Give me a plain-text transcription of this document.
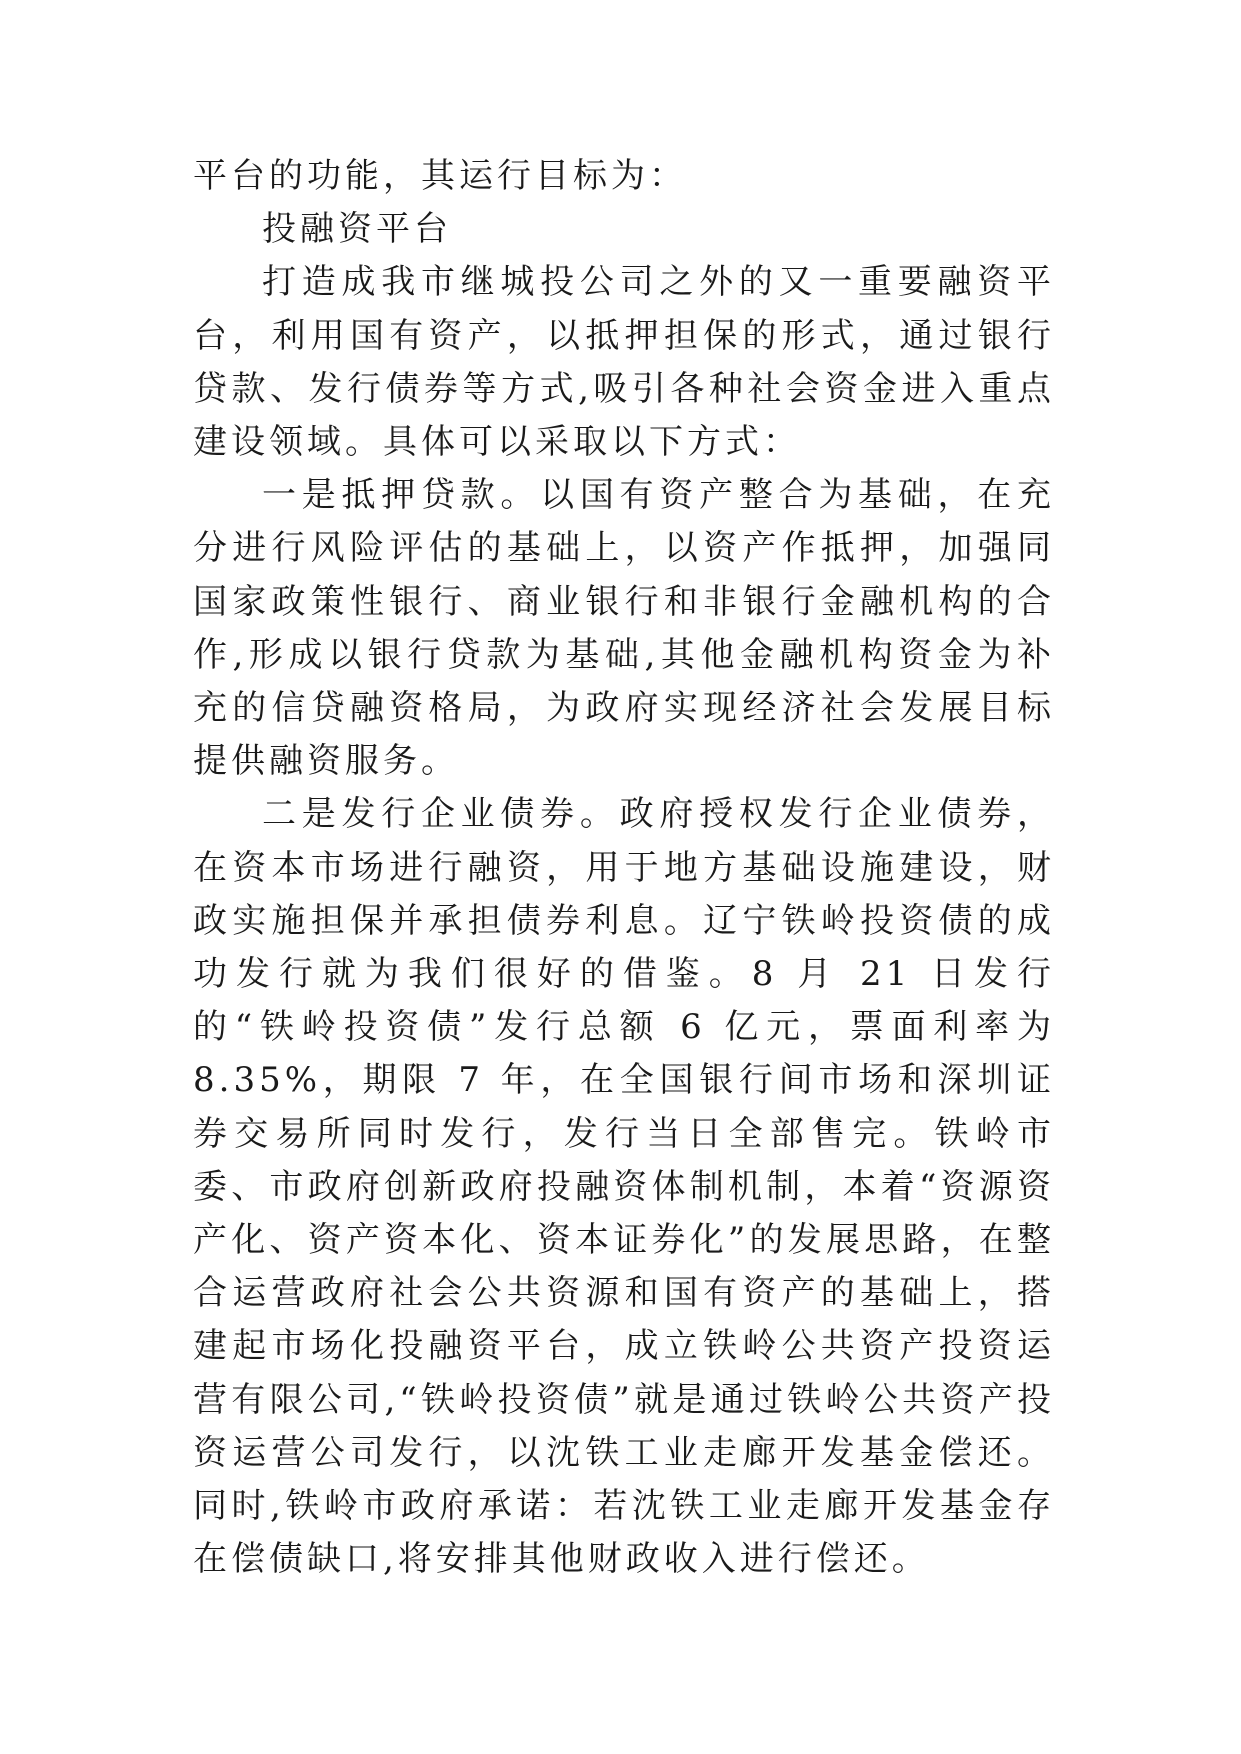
平台的功能，其运行目标为：

投融资平台

打造成我市继城投公司之外的又一重要融资平台，利用国有资产，以抵押担保的形式，通过银行贷款、发行债券等方式,吸引各种社会资金进入重点建设领域。具体可以采取以下方式：

一是抵押贷款。以国有资产整合为基础，在充分进行风险评估的基础上，以资产作抵押，加强同国家政策性银行、商业银行和非银行金融机构的合作,形成以银行贷款为基础,其他金融机构资金为补充的信贷融资格局，为政府实现经济社会发展目标提供融资服务。

二是发行企业债券。政府授权发行企业债券，在资本市场进行融资，用于地方基础设施建设，财政实施担保并承担债券利息。辽宁铁岭投资债的成功发行就为我们很好的借鉴。8 月 21 日发行的“铁岭投资债”发行总额 6 亿元，票面利率为 8.35%，期限 7 年，在全国银行间市场和深圳证券交易所同时发行，发行当日全部售完。铁岭市委、市政府创新政府投融资体制机制，本着“资源资产化、资产资本化、资本证券化”的发展思路，在整合运营政府社会公共资源和国有资产的基础上，搭建起市场化投融资平台，成立铁岭公共资产投资运营有限公司,“铁岭投资债”就是通过铁岭公共资产投资运营公司发行，以沈铁工业走廊开发基金偿还。同时,铁岭市政府承诺：若沈铁工业走廊开发基金存在偿债缺口,将安排其他财政收入进行偿还。
